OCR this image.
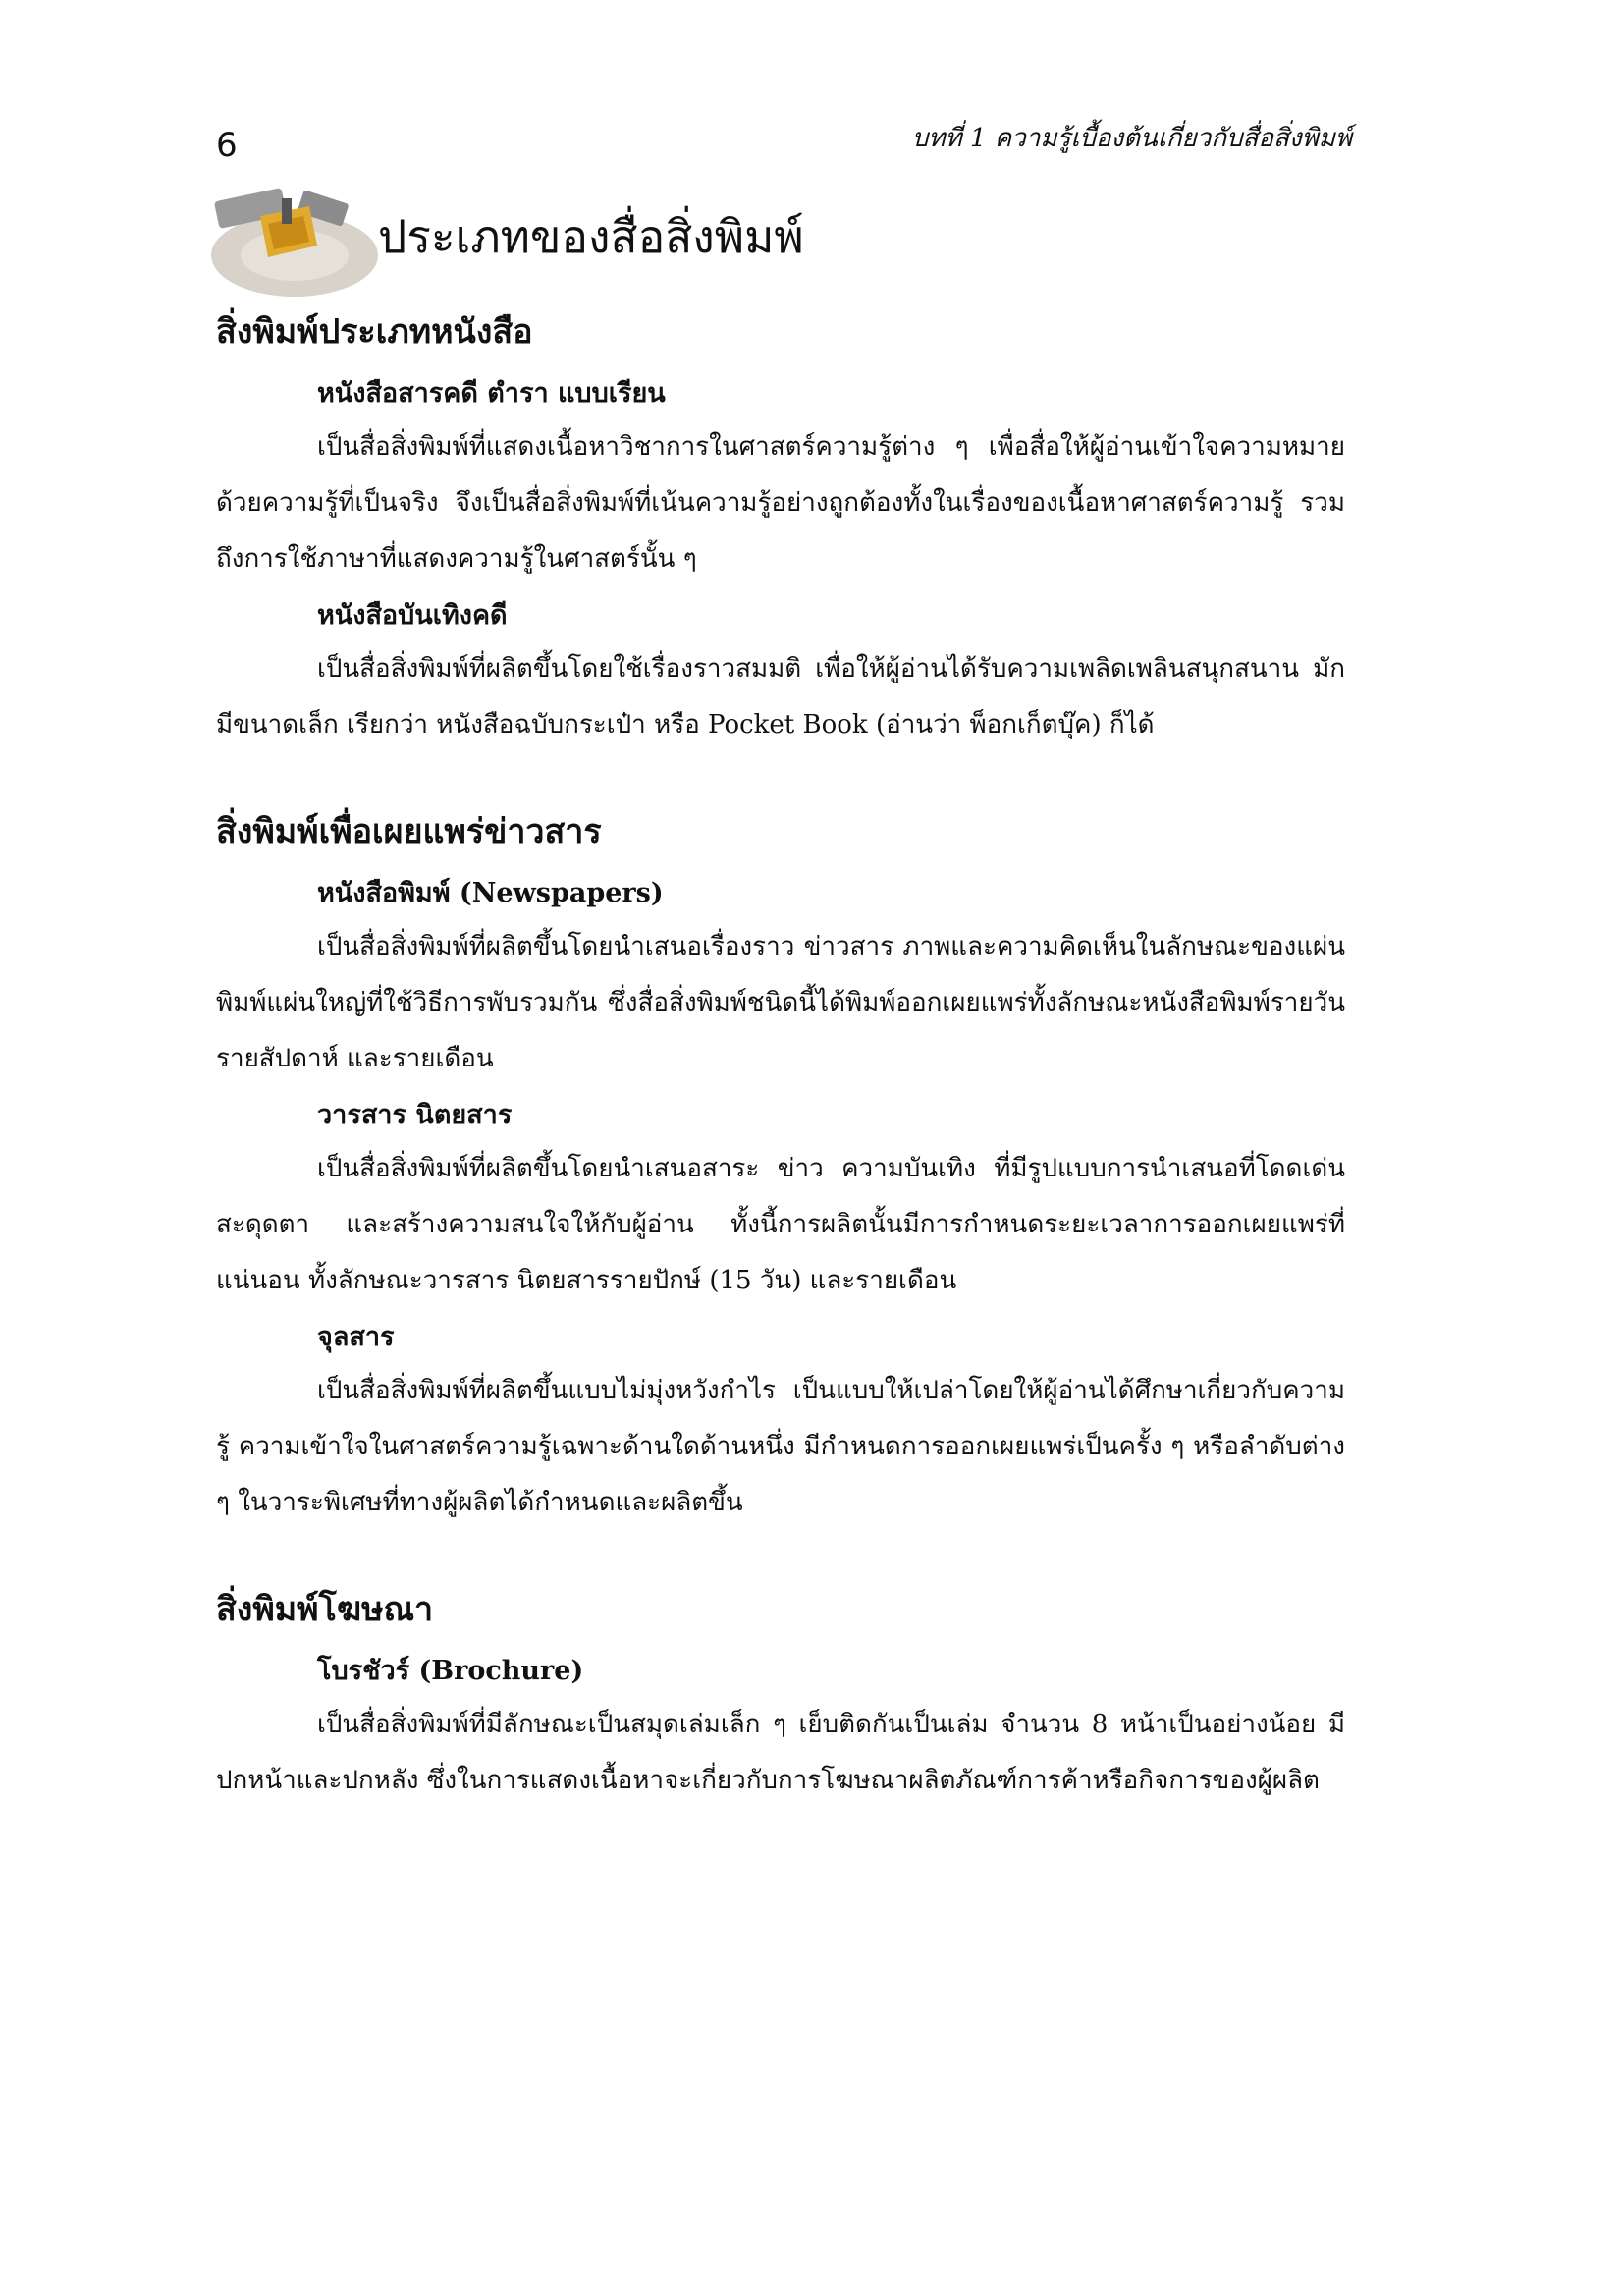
6	บทที่ 1 ความรู้เบื้องต้นเกี่ยวกับสื่อสิ่งพิมพ์
ประเภทของสื่อสิ่งพิมพ์
สิ่งพิมพ์ประเภทหนังสือ
หนังสือสารคดี ตำรา แบบเรียน

เป็นสื่อสิ่งพิมพ์ที่แสดงเนื้อหาวิชาการในศาสตร์ความรู้ต่าง ๆ เพื่อสื่อให้ผู้อ่านเข้าใจความหมายด้วยความรู้ที่เป็นจริง จึงเป็นสื่อสิ่งพิมพ์ที่เน้นความรู้อย่างถูกต้องทั้งในเรื่องของเนื้อหาศาสตร์ความรู้ รวมถึงการใช้ภาษาที่แสดงความรู้ในศาสตร์นั้น ๆ

หนังสือบันเทิงคดี

เป็นสื่อสิ่งพิมพ์ที่ผลิตขึ้นโดยใช้เรื่องราวสมมติ เพื่อให้ผู้อ่านได้รับความเพลิดเพลินสนุกสนาน มักมีขนาดเล็ก เรียกว่า หนังสือฉบับกระเป๋า หรือ Pocket Book (อ่านว่า พ็อกเก็ตบุ๊ค) ก็ได้

สิ่งพิมพ์เพื่อเผยแพร่ข่าวสาร
หนังสือพิมพ์ (Newspapers)

เป็นสื่อสิ่งพิมพ์ที่ผลิตขึ้นโดยนำเสนอเรื่องราว ข่าวสาร ภาพและความคิดเห็นในลักษณะของแผ่นพิมพ์แผ่นใหญ่ที่ใช้วิธีการพับรวมกัน ซึ่งสื่อสิ่งพิมพ์ชนิดนี้ได้พิมพ์ออกเผยแพร่ทั้งลักษณะหนังสือพิมพ์รายวัน รายสัปดาห์ และรายเดือน

วารสาร นิตยสาร

เป็นสื่อสิ่งพิมพ์ที่ผลิตขึ้นโดยนำเสนอสาระ ข่าว ความบันเทิง ที่มีรูปแบบการนำเสนอที่โดดเด่น สะดุดตา และสร้างความสนใจให้กับผู้อ่าน ทั้งนี้การผลิตนั้นมีการกำหนดระยะเวลาการออกเผยแพร่ที่แน่นอน ทั้งลักษณะวารสาร นิตยสารรายปักษ์ (15 วัน) และรายเดือน

จุลสาร

เป็นสื่อสิ่งพิมพ์ที่ผลิตขึ้นแบบไม่มุ่งหวังกำไร เป็นแบบให้เปล่าโดยให้ผู้อ่านได้ศึกษาเกี่ยวกับความรู้ ความเข้าใจในศาสตร์ความรู้เฉพาะด้านใดด้านหนึ่ง มีกำหนดการออกเผยแพร่เป็นครั้ง ๆ หรือลำดับต่าง ๆ ในวาระพิเศษที่ทางผู้ผลิตได้กำหนดและผลิตขึ้น

สิ่งพิมพ์โฆษณา
โบรชัวร์ (Brochure)

เป็นสื่อสิ่งพิมพ์ที่มีลักษณะเป็นสมุดเล่มเล็ก ๆ เย็บติดกันเป็นเล่ม จำนวน 8 หน้าเป็นอย่างน้อย มีปกหน้าและปกหลัง ซึ่งในการแสดงเนื้อหาจะเกี่ยวกับการโฆษณาผลิตภัณฑ์การค้าหรือกิจการของผู้ผลิต
